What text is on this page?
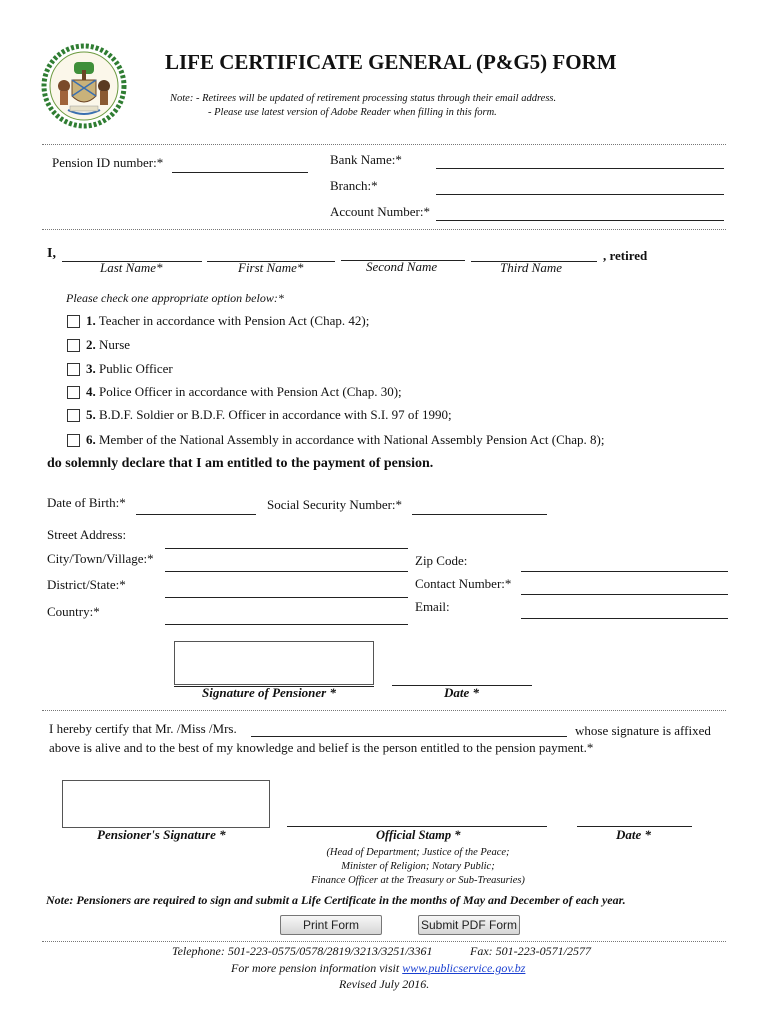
LIFE CERTIFICATE GENERAL (P&G5) FORM
Note: - Retirees will be updated of retirement processing status through their email address.
- Please use latest version of Adobe Reader when filling in this form.
Pension ID number:*	Bank Name:*
Branch:*
Account Number:*
I,	, retired
Last Name*	First Name*	Second Name	Third Name
Please check one appropriate option below:*
1. Teacher in accordance with Pension Act (Chap. 42);
2. Nurse
3. Public Officer
4. Police Officer in accordance with Pension Act (Chap. 30);
5. B.D.F. Soldier or B.D.F. Officer in accordance with S.I. 97 of 1990;
6. Member of the National Assembly in accordance with National Assembly Pension Act (Chap. 8);
do solemnly declare that I am entitled to the payment of pension.
Date of Birth:*	Social Security Number:*
Street Address:
City/Town/Village:*
District/State:*
Country:*
Zip Code:
Contact Number:*
Email:
Signature of Pensioner *	Date *
I hereby certify that Mr. /Miss /Mrs.	whose signature is affixed
above is alive and to the best of my knowledge and belief is the person entitled to the pension payment.*
Pensioner's Signature *	Official Stamp *	Date *
(Head of Department; Justice of the Peace;
Minister of Religion; Notary Public;
Finance Officer at the Treasury or Sub-Treasuries)
Note: Pensioners are required to sign and submit a Life Certificate in the months of May and December of each year.
Print Form	Submit PDF Form
Telephone: 501-223-0575/0578/2819/3213/3251/3361	Fax: 501-223-0571/2577
For more pension information visit www.publicservice.gov.bz
Revised July 2016.
